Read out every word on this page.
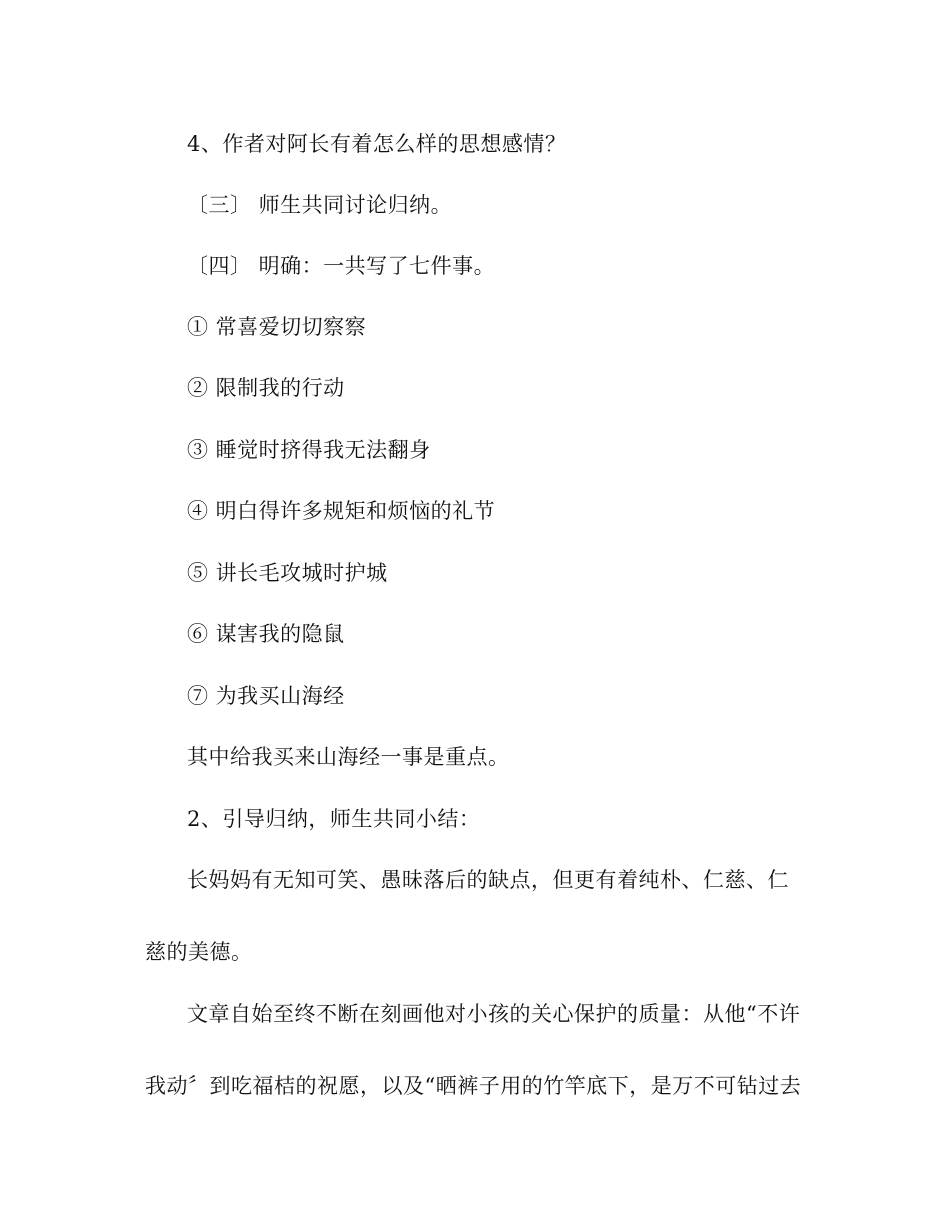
4、作者对阿长有着怎么样的思想感情？
〔三〕 师生共同讨论归纳。
〔四〕 明确：一共写了七件事。
① 常喜爱切切察察
② 限制我的行动
③ 睡觉时挤得我无法翻身
④ 明白得许多规矩和烦恼的礼节
⑤ 讲长毛攻城时护城
⑥ 谋害我的隐鼠
⑦ 为我买山海经
其中给我买来山海经一事是重点。
2、引导归纳，师生共同小结：
长妈妈有无知可笑、愚昧落后的缺点，但更有着纯朴、仁慈、仁
慈的美德。
文章自始至终不断在刻画他对小孩的关心保护的质量：从他“不许
我动〞到吃福桔的祝愿，以及“晒裤子用的竹竿底下，是万不可钻过去
